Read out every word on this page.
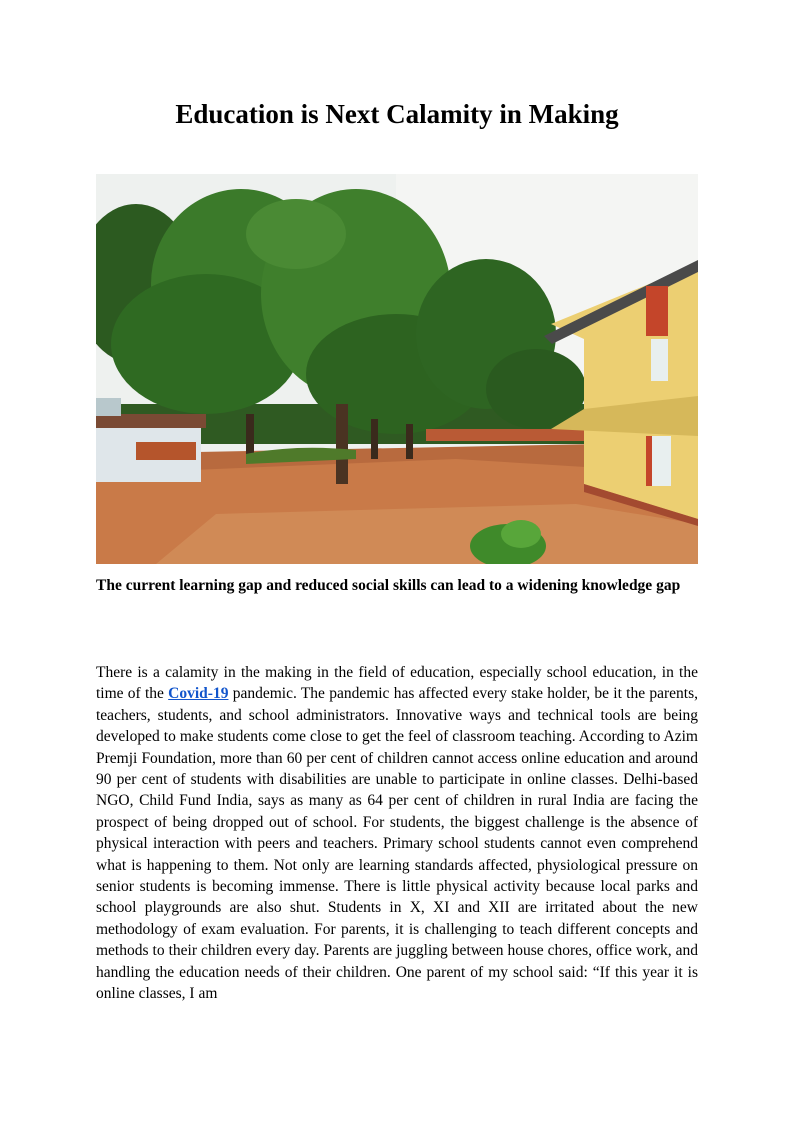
Education is Next Calamity in Making

The current learning gap and reduced social skills can lead to a widening knowledge gap

There is a calamity in the making in the field of education, especially school education, in the time of the Covid-19 pandemic. The pandemic has affected every stake holder, be it the parents, teachers, students, and school administrators. Innovative ways and technical tools are being developed to make students come close to get the feel of classroom teaching. According to Azim Premji Foundation, more than 60 per cent of children cannot access online education and around 90 per cent of students with disabilities are unable to participate in online classes. Delhi-based NGO, Child Fund India, says as many as 64 per cent of children in rural India are facing the prospect of being dropped out of school. For students, the biggest challenge is the absence of physical interaction with peers and teachers. Primary school students cannot even comprehend what is happening to them. Not only are learning standards affected, physiological pressure on senior students is becoming immense. There is little physical activity because local parks and school playgrounds are also shut. Students in X, XI and XII are irritated about the new methodology of exam evaluation. For parents, it is challenging to teach different concepts and methods to their children every day. Parents are juggling between house chores, office work, and handling the education needs of their children. One parent of my school said: “If this year it is online classes, I am
